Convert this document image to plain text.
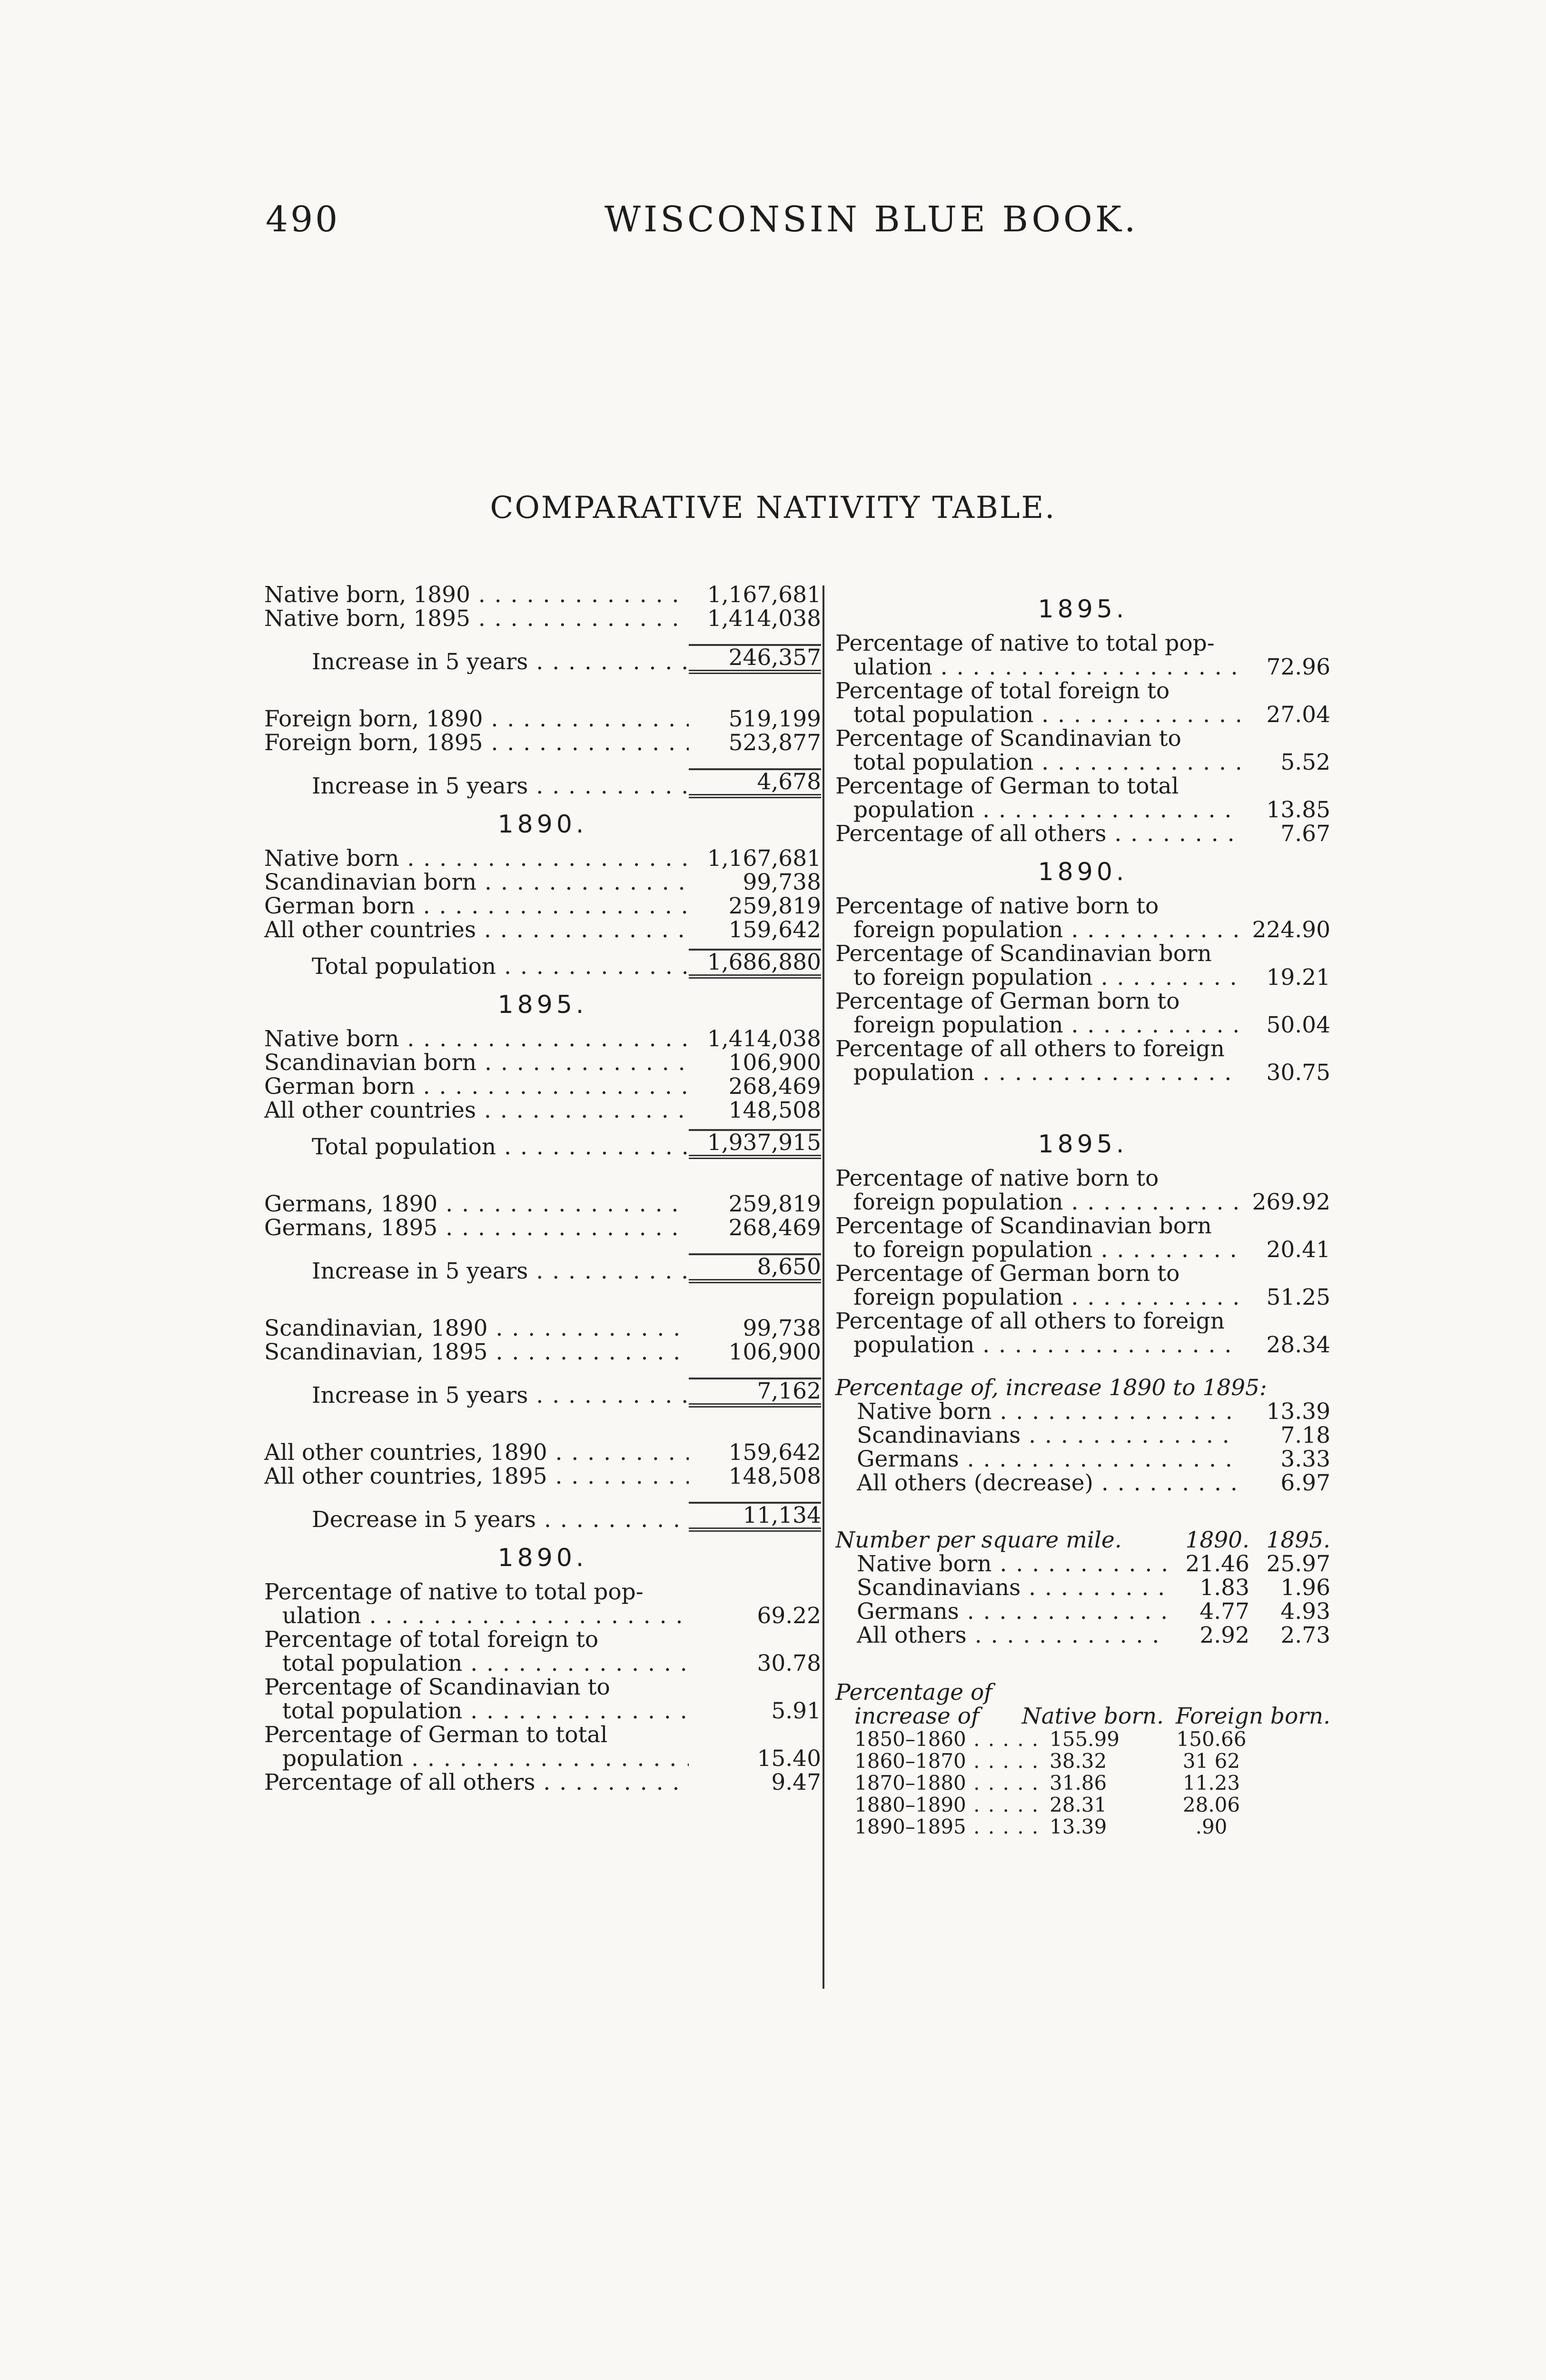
490	WISCONSIN BLUE BOOK.
COMPARATIVE NATIVITY TABLE.
Native born, 1890 . . .	1,167,681
Native born, 1895 . . .	1,414,038
Increase in 5 years . . .	246,357
Foreign born, 1890 . . .	519,199
Foreign born, 1895 . . .	523,877
Increase in 5 years . . .	4,678
1890.
Native born . . .	1,167,681
Scandinavian born . . .	99,738
German born . . .	259,819
All other countries . . .	159,642
Total population . . .	1,686,880
1895.
Native born . . .	1,414,038
Scandinavian born . . .	106,900
German born . . .	268,469
All other countries . . .	148,508
Total population . . .	1,937,915
Germans, 1890 . . .	259,819
Germans, 1895 . . .	268,469
Increase in 5 years . . .	8,650
Scandinavian, 1890 . . .	99,738
Scandinavian, 1895 . . .	106,900
Increase in 5 years . . .	7,162
All other countries, 1890 . . .	159,642
All other countries, 1895 . . .	148,508
Decrease in 5 years . . .	11,134
1890.
Percentage of native to total pop-
ulation . . .	69.22
Percentage of total foreign to
total population . . .	30.78
Percentage of Scandinavian to
total population . . .	5.91
Percentage of German to total
population . . .	15.40
Percentage of all others . . .	9.47
1895.
Percentage of native to total pop-
ulation . . .	72.96
Percentage of total foreign to
total population . . .	27.04
Percentage of Scandinavian to
total population . . .	5.52
Percentage of German to total
population . . .	13.85
Percentage of all others . . .	7.67
1890.
Percentage of native born to
foreign population . . .	224.90
Percentage of Scandinavian born
to foreign population . . .	19.21
Percentage of German born to
foreign population . . .	50.04
Percentage of all others to foreign
population . . .	30.75
1895.
Percentage of native born to
foreign population . . .	269.92
Percentage of Scandinavian born
to foreign population . . .	20.41
Percentage of German born to
foreign population . . .	51.25
Percentage of all others to foreign
population . . .	28.34
Percentage of, increase 1890 to 1895:
Native born . . .	13.39
Scandinavians . . .	7.18
Germans . . .	3.33
All others (decrease) . . .	6.97
Number per square mile.	1890. 1895.
Native born . . .	21.46 25.97
Scandinavians . . .	1.83	1.96
Germans . . .	4.77	4.93
All others . . .	2.92	2.73
Percentage of
increase of	Native born. Foreign born.
1850–1860 . . .	155.99	150.66
1860–1870 . . .	38.32	31 62
1870–1880 . . .	31.86	11.23
1880–1890 . . .	28.31	28.06
1890–1895 . . .	13.39	.90
